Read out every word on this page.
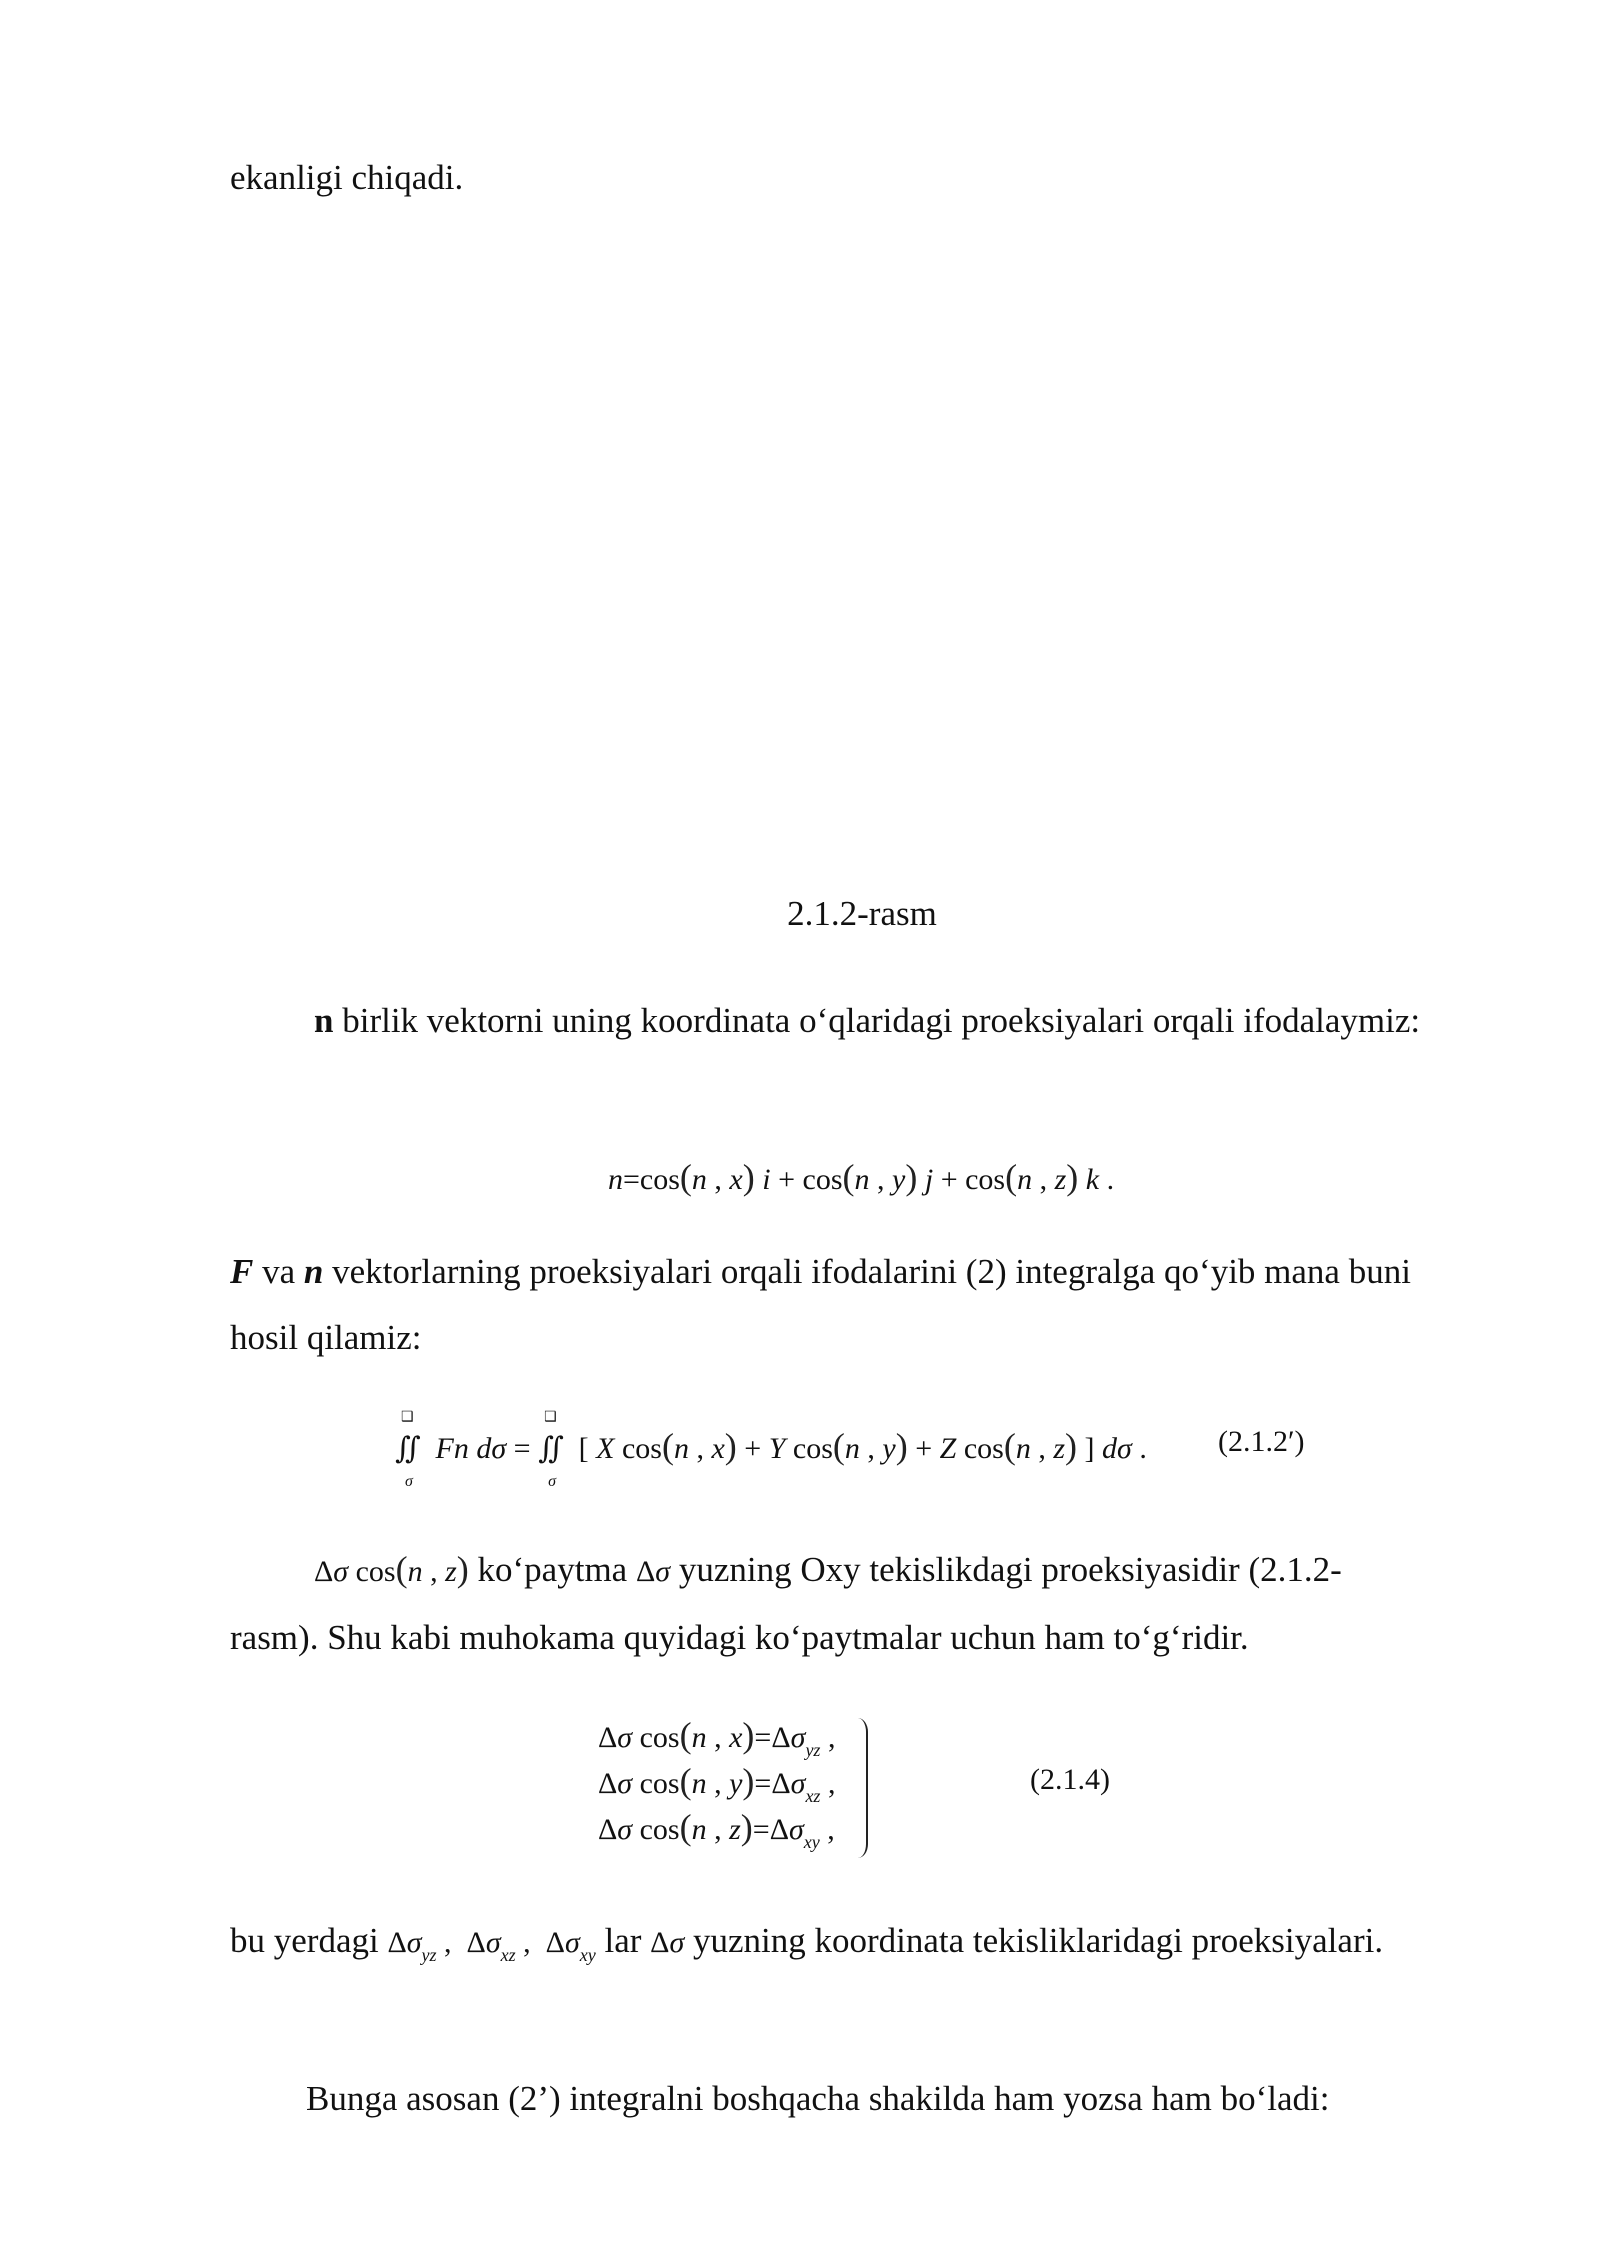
ekanligi chiqadi.

2.1.2-rasm

n birlik vektorni uning koordinata o‘qlaridagi proeksiyalari orqali ifodalaymiz:

n=cos(n , x) i + cos(n , y) j + cos(n , z) k .

F va n vektorlarning proeksiyalari orqali ifodalarini (2) integralga qo‘yib mana buni hosil qilamiz:

❑
∬
σ
Fn dσ =
❑
∬
σ
[ X cos(n , x) + Y cos(n , y) + Z cos(n , z) ] dσ . (2.1.2′)

Δσ cos(n , z) ko‘paytma Δσ yuzning Oxy tekislikdagi proeksiyasidir (2.1.2-rasm). Shu kabi muhokama quyidagi ko‘paytmalar uchun ham to‘g‘ridir.

Δσ cos(n , $x)=\Delta\sigma_{yz}$ ,
Δσ cos(n , $y)=\Delta\sigma_{xz}$ ,
Δσ cos(n , $z)=\Delta\sigma_{xy}$ ,
(2.1.4)

bu yerdagi $\Delta\sigma_{yz}$ ,  $\Delta\sigma_{xz}$ ,  $\Delta\sigma_{xy}$ lar Δσ yuzning koordinata tekisliklaridagi proeksiyalari.

Bunga asosan (2’) integralni boshqacha shakilda ham yozsa ham bo‘ladi:
